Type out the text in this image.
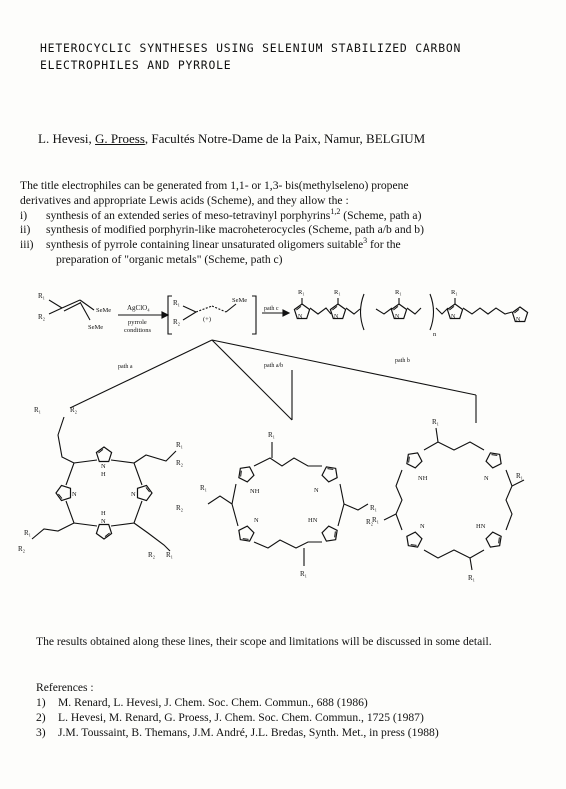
HETEROCYCLIC SYNTHESES USING SELENIUM STABILIZED CARBON
ELECTROPHILES AND PYRROLE
L. Hevesi, G. Proess, Facultés Notre-Dame de la Paix, Namur, BELGIUM
The title electrophiles can be generated from 1,1- or 1,3- bis(methylseleno) propene
derivatives and appropriate Lewis acids (Scheme), and they allow the :
i) synthesis of an extended series of meso-tetravinyl porphyrins$^{1,2}$ (Scheme, path a)
ii) synthesis of modified porphyrin-like macroheterocycles (Scheme, path a/b and b)
iii) synthesis of pyrrole containing linear unsaturated oligomers suitable$^3$ for the
preparation of "organic metals" (Scheme, path c)
R₁
R₂
SeMe
SeMe
AgClO₄
pyrrole
conditions
R₁
R₂	(+)
SeMe
path c
R₁	R₁	R₁	R₁
N	N	N	N	N
n
path a	path a/b
path b
R₁	R₂
R₁
R₂
R₁
R₂
R₂ R₁
N
H
H
N
N	N
R₁
R₁
R₁
R₂	R₁
R₂
NH	N
N	HN
R₁
R₁
R₁
R₁
NH	N
N	HN
The results obtained along these lines, their scope and limitations will be discussed in some detail.
References :
1) M. Renard, L. Hevesi, J. Chem. Soc. Chem. Commun., 688 (1986)
2) L. Hevesi, M. Renard, G. Proess, J. Chem. Soc. Chem. Commun., 1725 (1987)
3) J.M. Toussaint, B. Themans, J.M. André, J.L. Bredas, Synth. Met., in press (1988)
